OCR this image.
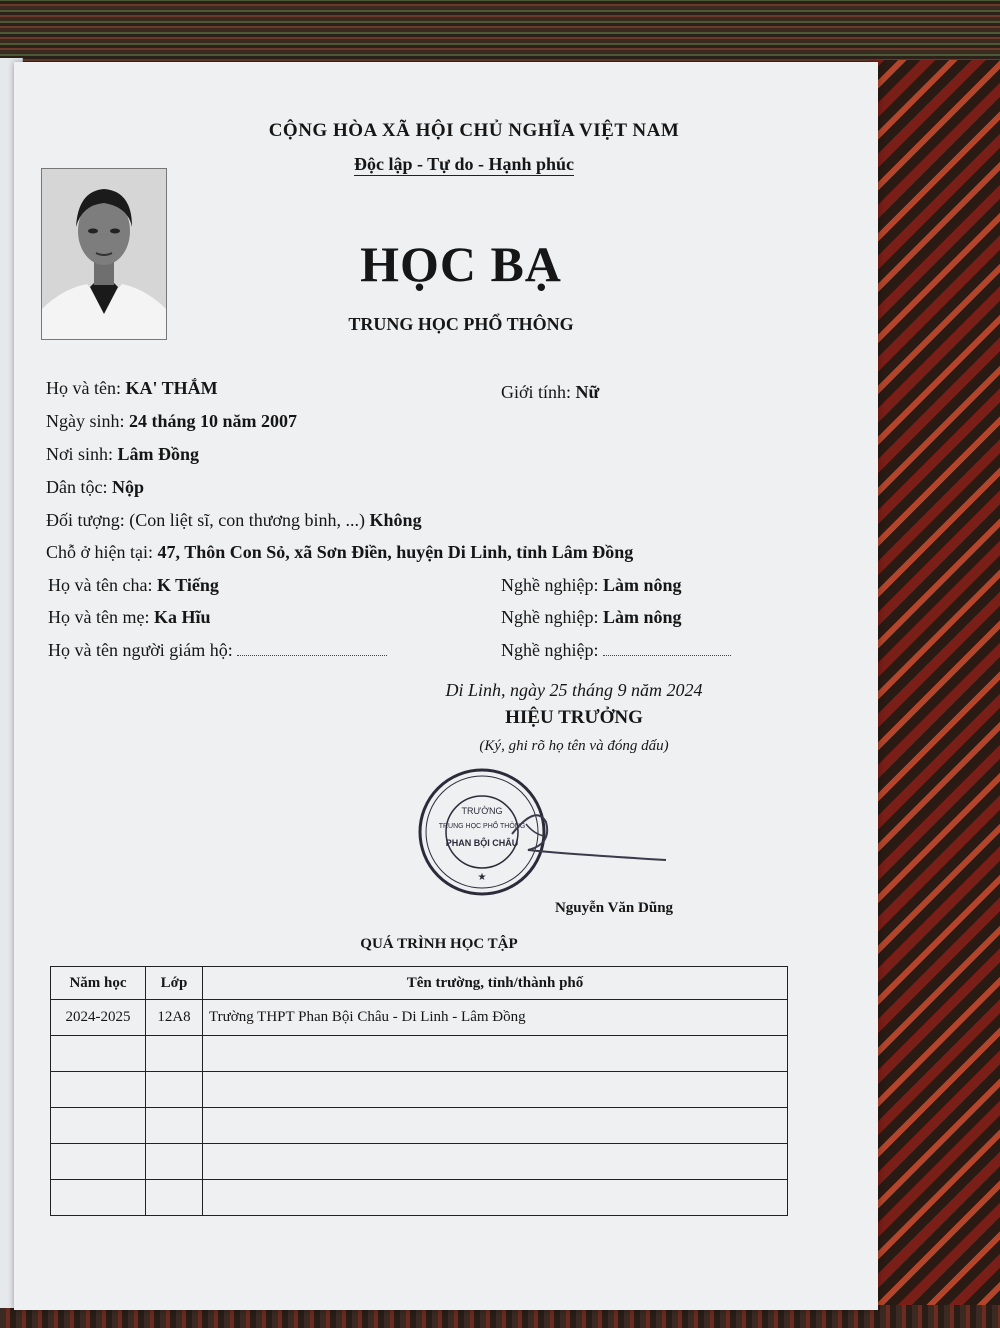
CỘNG HÒA XÃ HỘI CHỦ NGHĨA VIỆT NAM
Độc lập - Tự do - Hạnh phúc
HỌC BẠ
TRUNG HỌC PHỔ THÔNG
Họ và tên: KA' THẮM	Giới tính: Nữ
Ngày sinh: 24 tháng 10 năm 2007
Nơi sinh: Lâm Đồng
Dân tộc: Nộp
Đối tượng: (Con liệt sĩ, con thương binh, ...) Không
Chỗ ở hiện tại: 47, Thôn Con Sỏ, xã Sơn Điền, huyện Di Linh, tỉnh Lâm Đồng
Họ và tên cha: K Tiếng	Nghề nghiệp: Làm nông
Họ và tên mẹ: Ka Hĩu	Nghề nghiệp: Làm nông
Họ và tên người giám hộ:	Nghề nghiệp:
Di Linh, ngày 25 tháng 9 năm 2024
HIỆU TRƯỞNG
(Ký, ghi rõ họ tên và đóng dấu)
TRƯỜNG
TRUNG HỌC PHỔ THÔNG
PHAN BỘI CHÂU
★
Nguyễn Văn Dũng
QUÁ TRÌNH HỌC TẬP
Năm học	Lớp	Tên trường, tỉnh/thành phố
2024-2025	12A8	Trường THPT Phan Bội Châu - Di Linh - Lâm Đồng
